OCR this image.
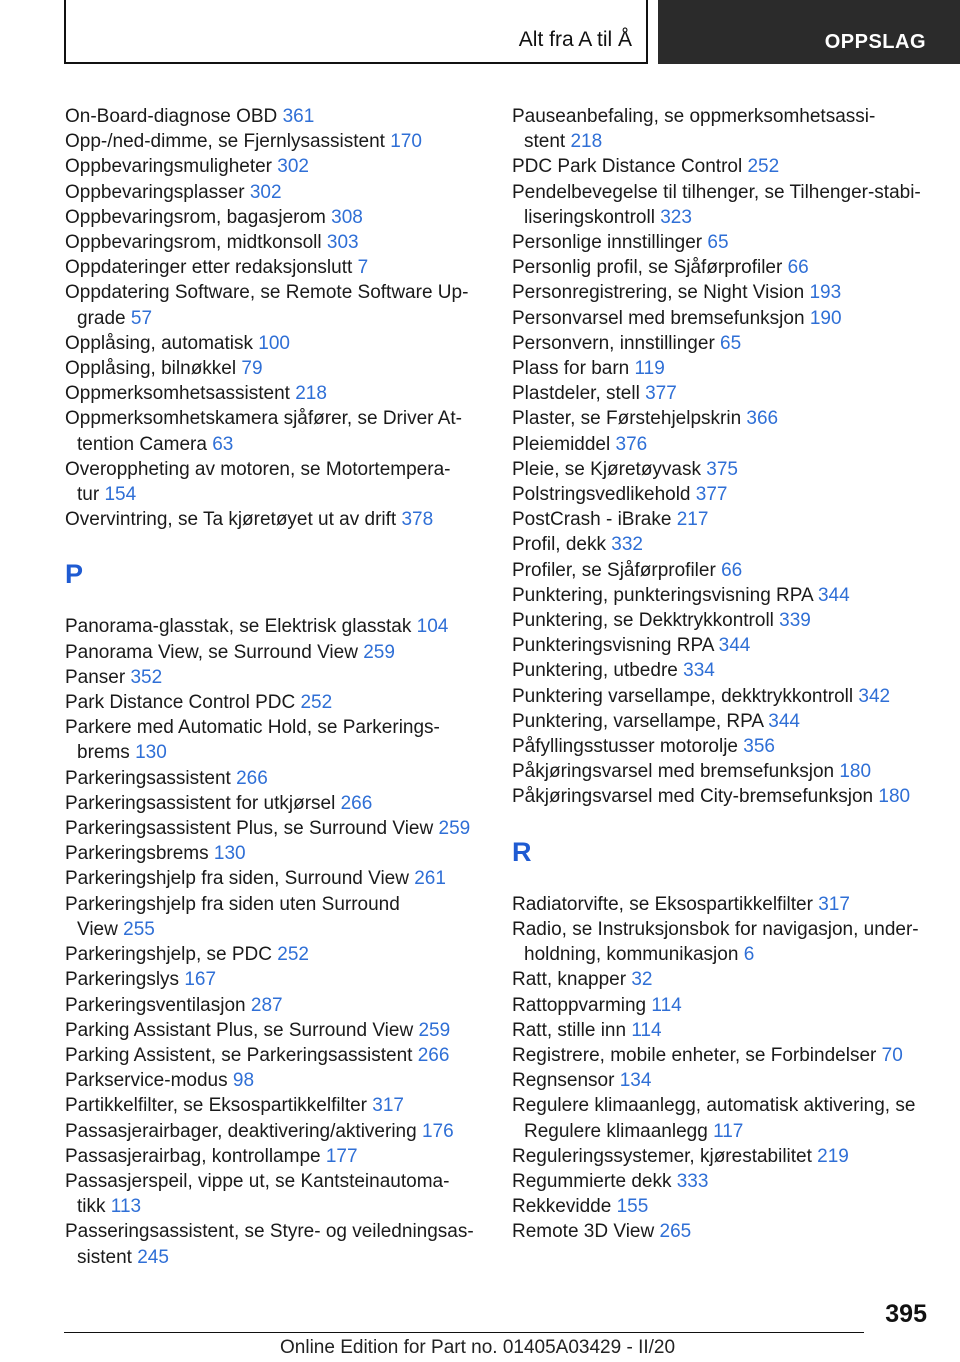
Alt fra A til Å	OPPSLAG
On-Board-diagnose OBD 361
Opp-/ned-dimme, se Fjernlysassistent 170
Oppbevaringsmuligheter 302
Oppbevaringsplasser 302
Oppbevaringsrom, bagasjerom 308
Oppbevaringsrom, midtkonsoll 303
Oppdateringer etter redaksjonslutt 7
Oppdatering Software, se Remote Software Up‐
grade 57
Opplåsing, automatisk 100
Opplåsing, bilnøkkel 79
Oppmerksomhetsassistent 218
Oppmerksomhetskamera sjåfører, se Driver At‐
tention Camera 63
Overoppheting av motoren, se Motortempera‐
tur 154
Overvintring, se Ta kjøretøyet ut av drift 378
P
Panorama-glasstak, se Elektrisk glasstak 104
Panorama View, se Surround View 259
Panser 352
Park Distance Control PDC 252
Parkere med Automatic Hold, se Parkerings‐
brems 130
Parkeringsassistent 266
Parkeringsassistent for utkjørsel 266
Parkeringsassistent Plus, se Surround View 259
Parkeringsbrems 130
Parkeringshjelp fra siden, Surround View 261
Parkeringshjelp fra siden uten Surround
View 255
Parkeringshjelp, se PDC 252
Parkeringslys 167
Parkeringsventilasjon 287
Parking Assistant Plus, se Surround View 259
Parking Assistent, se Parkeringsassistent 266
Parkservice-modus 98
Partikkelfilter, se Eksospartikkelfilter 317
Passasjerairbager, deaktivering/aktivering 176
Passasjerairbag, kontrollampe 177
Passasjerspeil, vippe ut, se Kantsteinautoma‐
tikk 113
Passeringsassistent, se Styre- og veiledningsas‐
sistent 245
Pauseanbefaling, se oppmerksomhetsassi‐
stent 218
PDC Park Distance Control 252
Pendelbevegelse til tilhenger, se Tilhenger-stabi‐
liseringskontroll 323
Personlige innstillinger 65
Personlig profil, se Sjåførprofiler 66
Personregistrering, se Night Vision 193
Personvarsel med bremsefunksjon 190
Personvern, innstillinger 65
Plass for barn 119
Plastdeler, stell 377
Plaster, se Førstehjelpskrin 366
Pleiemiddel 376
Pleie, se Kjøretøyvask 375
Polstringsvedlikehold 377
PostCrash - iBrake 217
Profil, dekk 332
Profiler, se Sjåførprofiler 66
Punktering, punkteringsvisning RPA 344
Punktering, se Dekktrykkontroll 339
Punkteringsvisning RPA 344
Punktering, utbedre 334
Punktering varsellampe, dekktrykkontroll 342
Punktering, varsellampe, RPA 344
Påfyllingsstusser motorolje 356
Påkjøringsvarsel med bremsefunksjon 180
Påkjøringsvarsel med City-bremsefunksjon 180
R
Radiatorvifte, se Eksospartikkelfilter 317
Radio, se Instruksjonsbok for navigasjon, under‐
holdning, kommunikasjon 6
Ratt, knapper 32
Rattoppvarming 114
Ratt, stille inn 114
Registrere, mobile enheter, se Forbindelser 70
Regnsensor 134
Regulere klimaanlegg, automatisk aktivering, se
Regulere klimaanlegg 117
Reguleringssystemer, kjørestabilitet 219
Regummierte dekk 333
Rekkevidde 155
Remote 3D View 265
395
Online Edition for Part no. 01405A03429 - II/20
